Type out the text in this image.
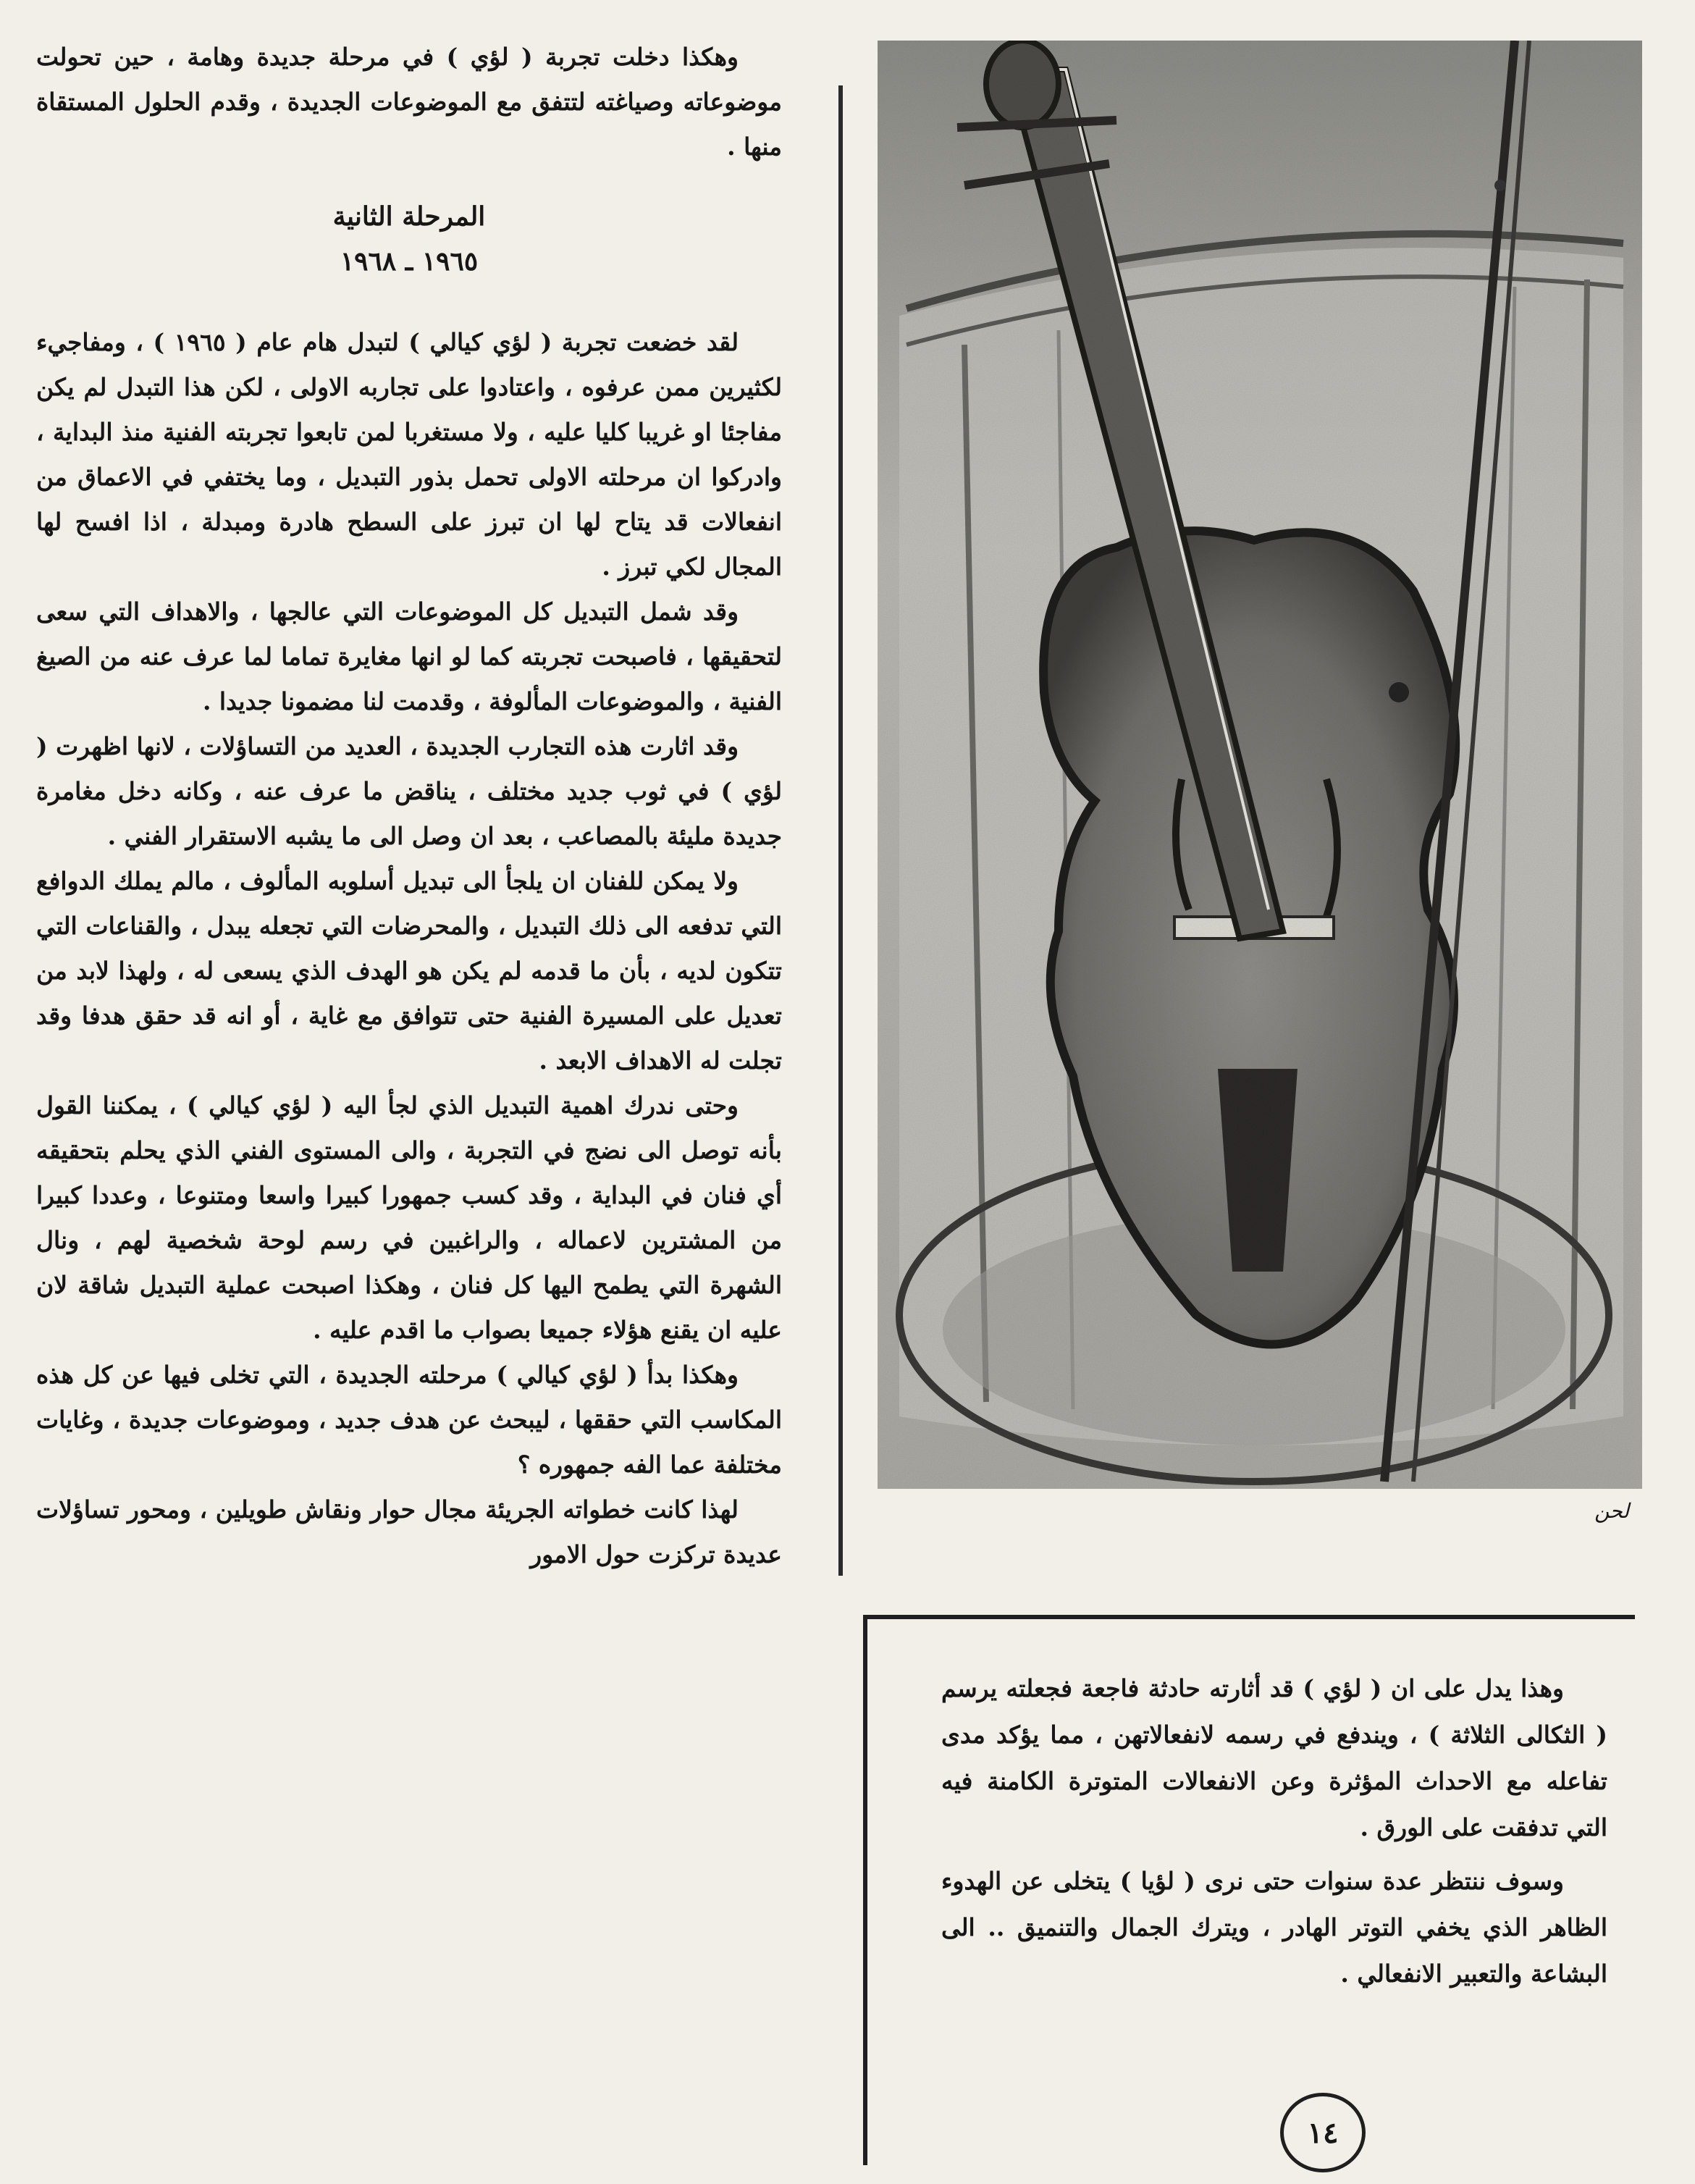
وهكذا دخلت تجربة ( لؤي ) في مرحلة جديدة وهامة ، حين تحولت موضوعاته وصياغته لتتفق مع الموضوعات الجديدة ، وقدم الحلول المستقاة منها .

المرحلة الثانية
١٩٦٥ ـ ١٩٦٨

لقد خضعت تجربة ( لؤي كيالي ) لتبدل هام عام ( ١٩٦٥ ) ، ومفاجيء لكثيرين ممن عرفوه ، واعتادوا على تجاربه الاولى ، لكن هذا التبدل لم يكن مفاجئا او غريبا كليا عليه ، ولا مستغربا لمن تابعوا تجربته الفنية منذ البداية ، وادركوا ان مرحلته الاولى تحمل بذور التبديل ، وما يختفي في الاعماق من انفعالات قد يتاح لها ان تبرز على السطح هادرة ومبدلة ، اذا افسح لها المجال لكي تبرز .

وقد شمل التبديل كل الموضوعات التي عالجها ، والاهداف التي سعى لتحقيقها ، فاصبحت تجربته كما لو انها مغايرة تماما لما عرف عنه من الصيغ الفنية ، والموضوعات المألوفة ، وقدمت لنا مضمونا جديدا .

وقد اثارت هذه التجارب الجديدة ، العديد من التساؤلات ، لانها اظهرت ( لؤي ) في ثوب جديد مختلف ، يناقض ما عرف عنه ، وكانه دخل مغامرة جديدة مليئة بالمصاعب ، بعد ان وصل الى ما يشبه الاستقرار الفني .

ولا يمكن للفنان ان يلجأ الى تبديل أسلوبه المألوف ، مالم يملك الدوافع التي تدفعه الى ذلك التبديل ، والمحرضات التي تجعله يبدل ، والقناعات التي تتكون لديه ، بأن ما قدمه لم يكن هو الهدف الذي يسعى له ، ولهذا لابد من تعديل على المسيرة الفنية حتى تتوافق مع غاية ، أو انه قد حقق هدفا وقد تجلت له الاهداف الابعد .

وحتى ندرك اهمية التبديل الذي لجأ اليه ( لؤي كيالي ) ، يمكننا القول بأنه توصل الى نضج في التجربة ، والى المستوى الفني الذي يحلم بتحقيقه أي فنان في البداية ، وقد كسب جمهورا كبيرا واسعا ومتنوعا ، وعددا كبيرا من المشترين لاعماله ، والراغبين في رسم لوحة شخصية لهم ، ونال الشهرة التي يطمح اليها كل فنان ، وهكذا اصبحت عملية التبديل شاقة لان عليه ان يقنع هؤلاء جميعا بصواب ما اقدم عليه .

وهكذا بدأ ( لؤي كيالي ) مرحلته الجديدة ، التي تخلى فيها عن كل هذه المكاسب التي حققها ، ليبحث عن هدف جديد ، وموضوعات جديدة ، وغايات مختلفة عما الفه جمهوره ؟

لهذا كانت خطواته الجريئة مجال حوار ونقاش طويلين ، ومحور تساؤلات عديدة تركزت حول الامور

لحن

وهذا يدل على ان ( لؤي ) قد أثارته حادثة فاجعة فجعلته يرسم ( الثكالى الثلاثة ) ، ويندفع في رسمه لانفعالاتهن ، مما يؤكد مدى تفاعله مع الاحداث المؤثرة وعن الانفعالات المتوترة الكامنة فيه التي تدفقت على الورق .

وسوف ننتظر عدة سنوات حتى نرى ( لؤيا ) يتخلى عن الهدوء الظاهر الذي يخفي التوتر الهادر ، ويترك الجمال والتنميق .. الى البشاعة والتعبير الانفعالي .

١٤
